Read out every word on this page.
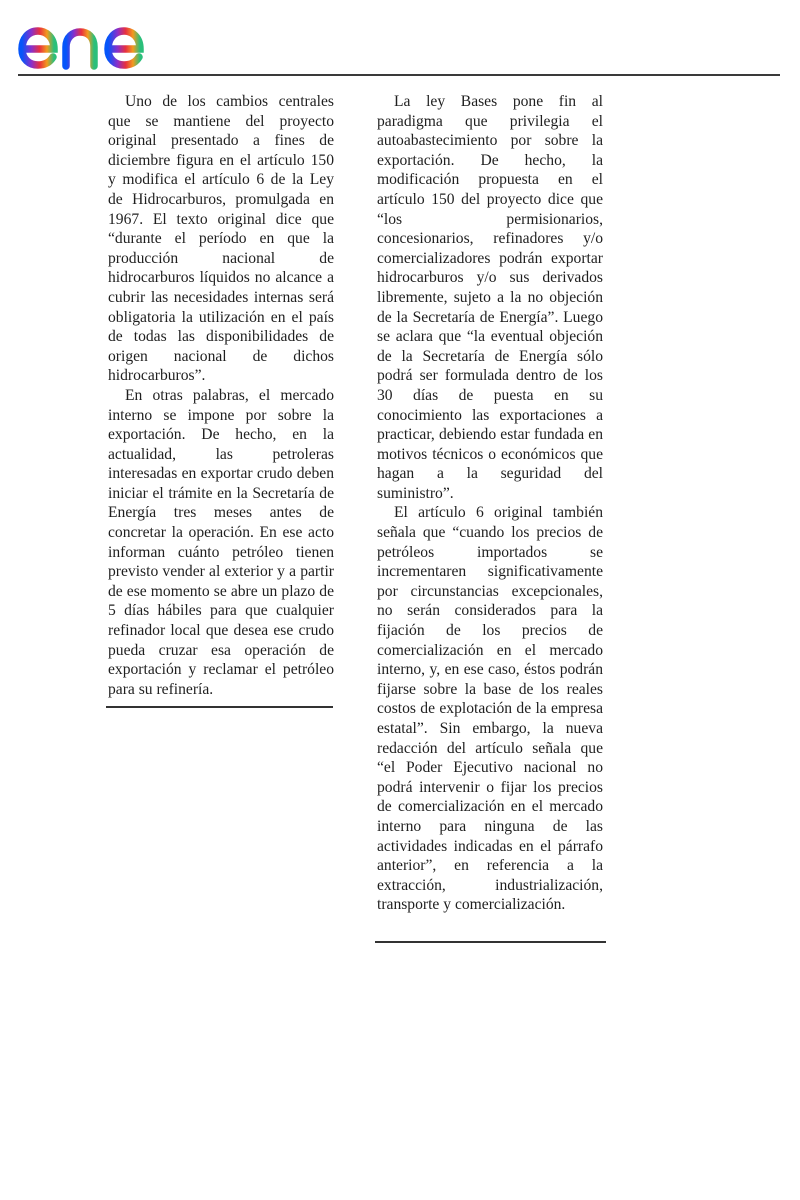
Uno de los cambios centrales que se mantiene del proyecto original presentado a fines de diciembre figura en el artículo 150 y modifica el artículo 6 de la Ley de Hidrocarburos, promulgada en 1967. El texto original dice que “durante el período en que la producción nacional de hidrocarburos líquidos no alcance a cubrir las necesidades internas será obligatoria la utilización en el país de todas las disponibilidades de origen nacional de dichos hidrocarburos”.

En otras palabras, el mercado interno se impone por sobre la exportación. De hecho, en la actualidad, las petroleras interesadas en exportar crudo deben iniciar el trámite en la Secretaría de Energía tres meses antes de concretar la operación. En ese acto informan cuánto petróleo tienen previsto vender al exterior y a partir de ese momento se abre un plazo de 5 días hábiles para que cualquier refinador local que desea ese crudo pueda cruzar esa operación de exportación y reclamar el petróleo para su refinería.

La ley Bases pone fin al paradigma que privilegia el autoabastecimiento por sobre la exportación. De hecho, la modificación propuesta en el artículo 150 del proyecto dice que “los permisionarios, concesionarios, refinadores y/o comercializadores podrán exportar hidrocarburos y/o sus derivados libremente, sujeto a la no objeción de la Secretaría de Energía”. Luego se aclara que “la eventual objeción de la Secretaría de Energía sólo podrá ser formulada dentro de los 30 días de puesta en su conocimiento las exportaciones a practicar, debiendo estar fundada en motivos técnicos o económicos que hagan a la seguridad del suministro”.

El artículo 6 original también señala que “cuando los precios de petróleos importados se incrementaren significativamente por circunstancias excepcionales, no serán considerados para la fijación de los precios de comercialización en el mercado interno, y, en ese caso, éstos podrán fijarse sobre la base de los reales costos de explotación de la empresa estatal”. Sin embargo, la nueva redacción del artículo señala que “el Poder Ejecutivo nacional no podrá intervenir o fijar los precios de comercialización en el mercado interno para ninguna de las actividades indicadas en el párrafo anterior”, en referencia a la extracción, industrialización, transporte y comercialización.
